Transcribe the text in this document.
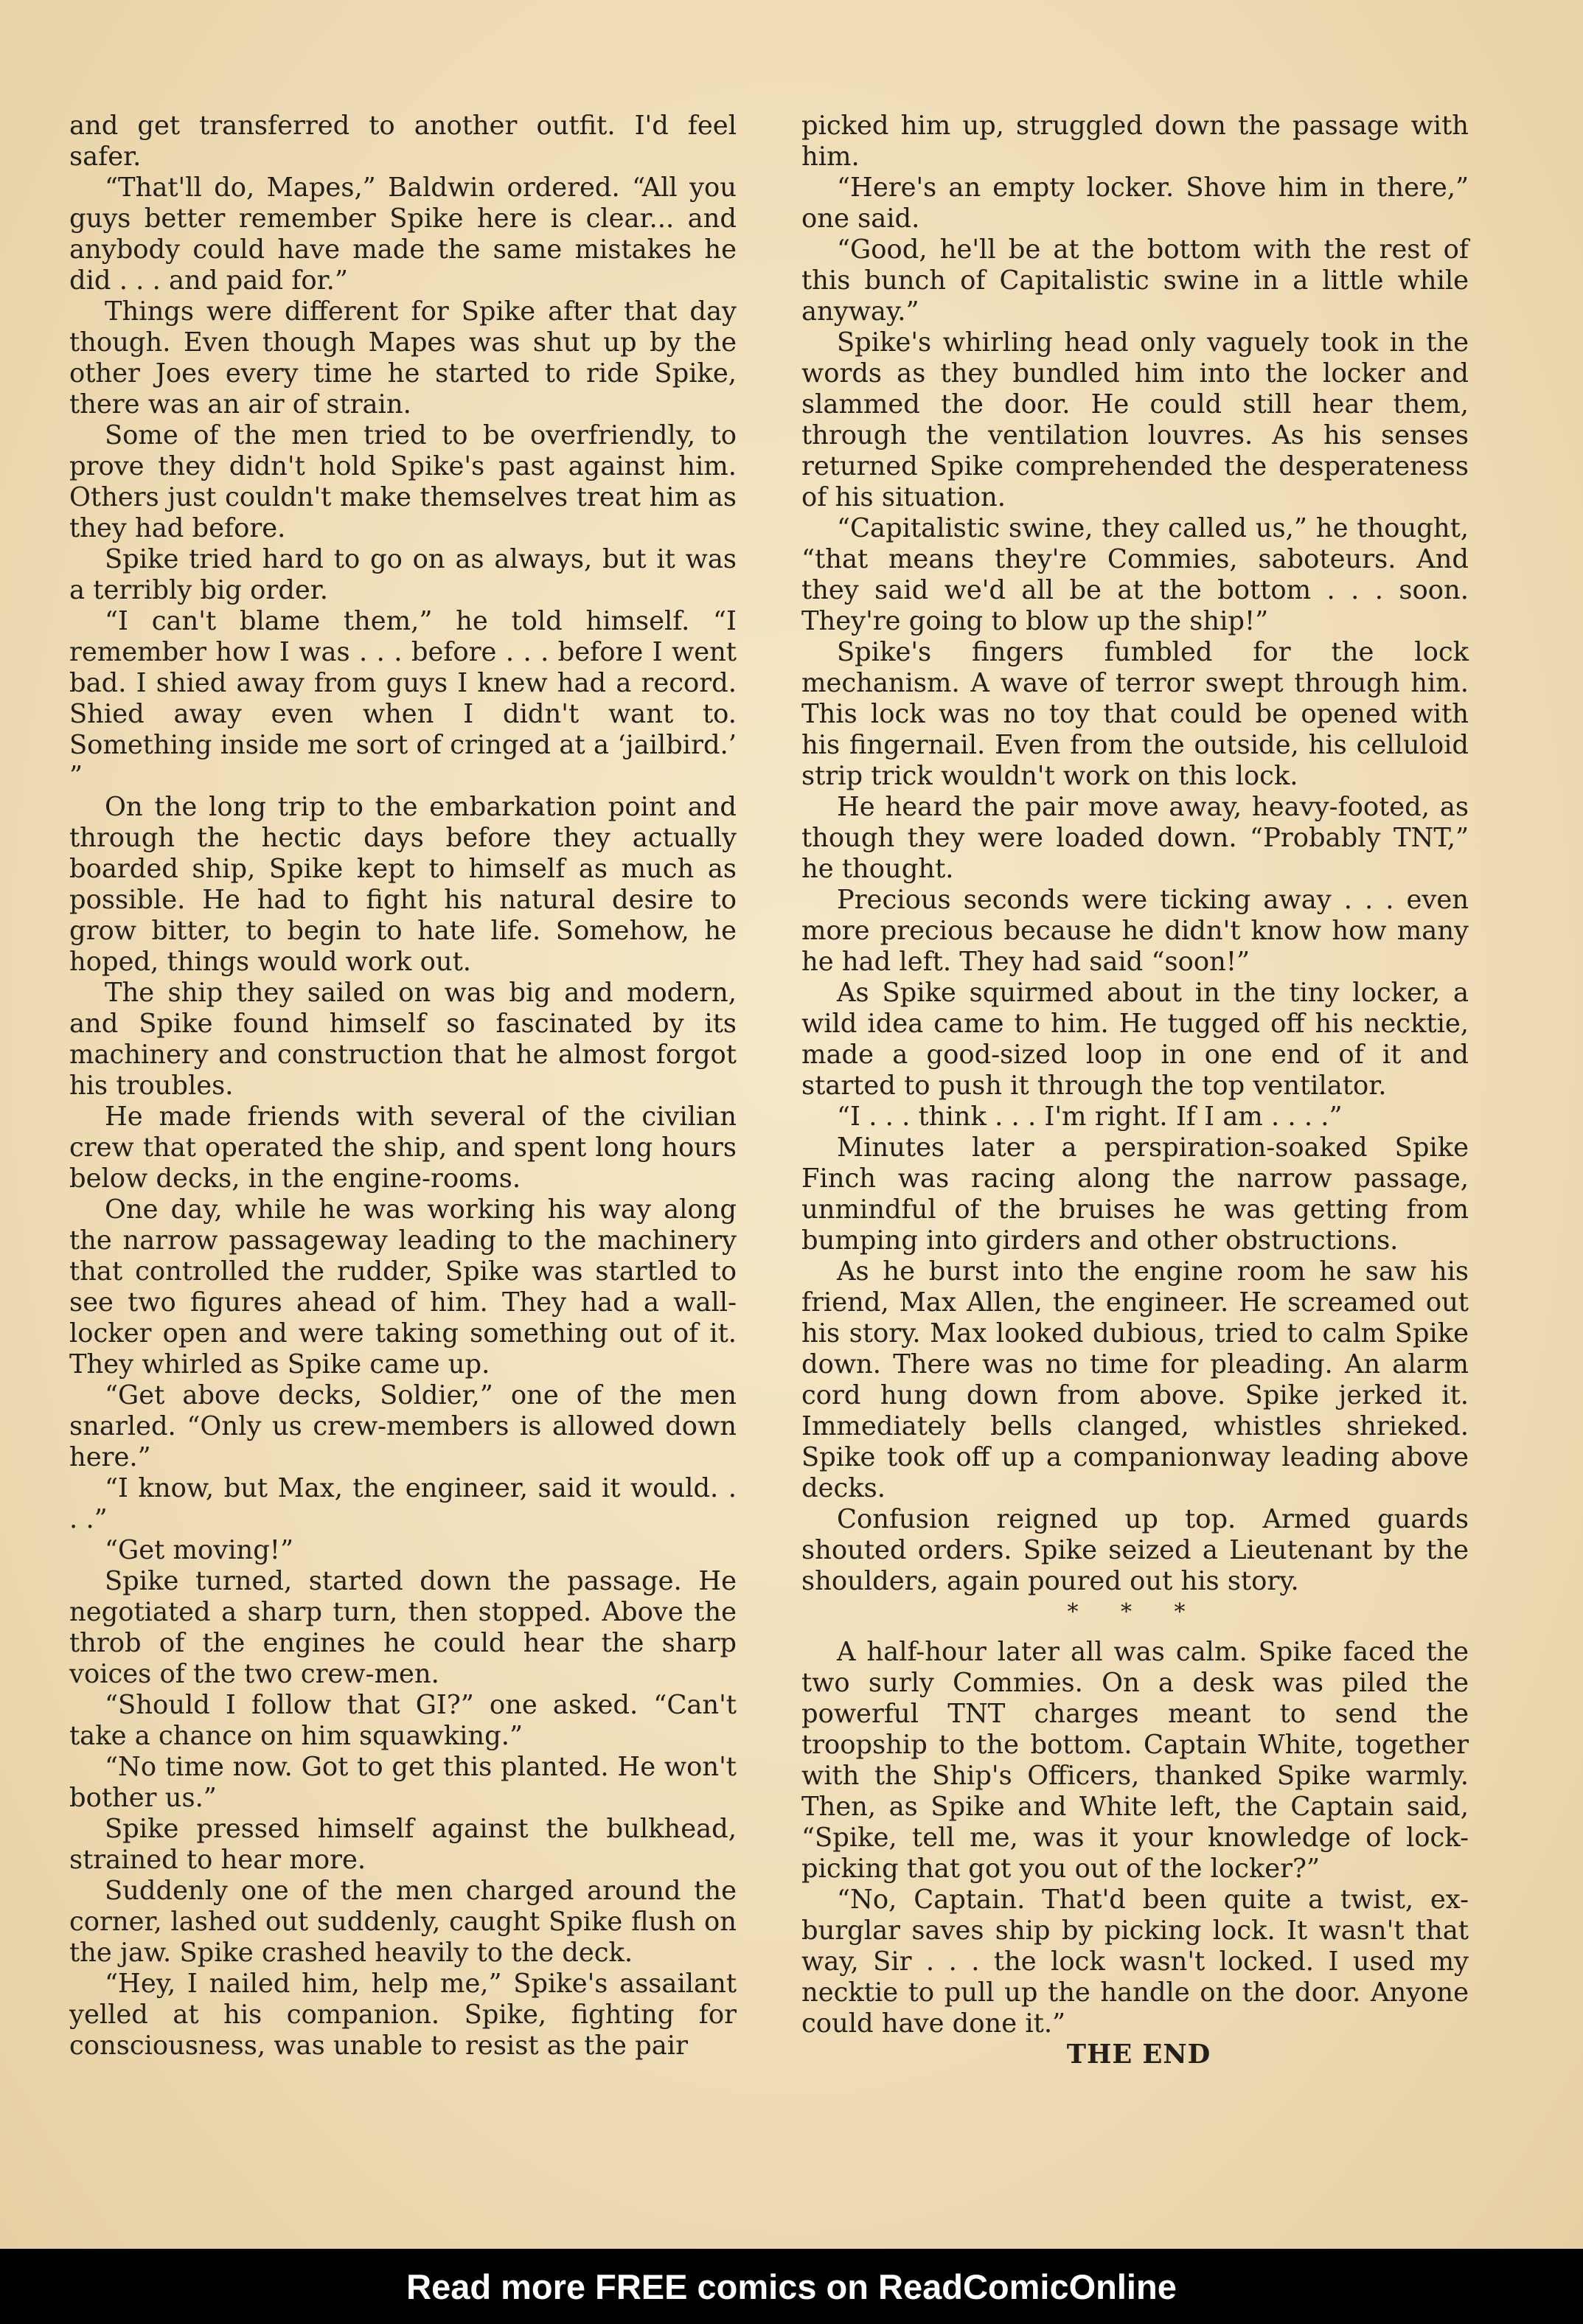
and get transferred to another outfit. I'd feel safer.

“That'll do, Mapes,” Baldwin ordered. “All you guys better remember Spike here is clear... and anybody could have made the same mistakes he did . . . and paid for.”

Things were different for Spike after that day though. Even though Mapes was shut up by the other Joes every time he started to ride Spike, there was an air of strain.

Some of the men tried to be overfriendly, to prove they didn't hold Spike's past against him. Others just couldn't make themselves treat him as they had before.

Spike tried hard to go on as always, but it was a terribly big order.

“I can't blame them,” he told himself. “I remember how I was . . . before . . . before I went bad. I shied away from guys I knew had a record. Shied away even when I didn't want to. Something inside me sort of cringed at a ‘jailbird.’ ”

On the long trip to the embarkation point and through the hectic days before they actually boarded ship, Spike kept to himself as much as possible. He had to fight his natural desire to grow bitter, to begin to hate life. Somehow, he hoped, things would work out.

The ship they sailed on was big and modern, and Spike found himself so fascinated by its machinery and construction that he almost forgot his troubles.

He made friends with several of the civilian crew that operated the ship, and spent long hours below decks, in the engine-rooms.

One day, while he was working his way along the narrow passageway leading to the machinery that controlled the rudder, Spike was startled to see two figures ahead of him. They had a wall-locker open and were taking something out of it. They whirled as Spike came up.

“Get above decks, Soldier,” one of the men snarled. “Only us crew-members is allowed down here.”

“I know, but Max, the engineer, said it would. . . .”

“Get moving!”

Spike turned, started down the passage. He negotiated a sharp turn, then stopped. Above the throb of the engines he could hear the sharp voices of the two crew-men.

“Should I follow that GI?” one asked. “Can't take a chance on him squawking.”

“No time now. Got to get this planted. He won't bother us.”

Spike pressed himself against the bulkhead, strained to hear more.

Suddenly one of the men charged around the corner, lashed out suddenly, caught Spike flush on the jaw. Spike crashed heavily to the deck.

“Hey, I nailed him, help me,” Spike's assailant yelled at his companion. Spike, fighting for consciousness, was unable to resist as the pair

picked him up, struggled down the passage with him.

“Here's an empty locker. Shove him in there,” one said.

“Good, he'll be at the bottom with the rest of this bunch of Capitalistic swine in a little while anyway.”

Spike's whirling head only vaguely took in the words as they bundled him into the locker and slammed the door. He could still hear them, through the ventilation louvres. As his senses returned Spike comprehended the desperateness of his situation.

“Capitalistic swine, they called us,” he thought, “that means they're Commies, saboteurs. And they said we'd all be at the bottom . . . soon. They're going to blow up the ship!”

Spike's fingers fumbled for the lock mechanism. A wave of terror swept through him. This lock was no toy that could be opened with his fingernail. Even from the outside, his celluloid strip trick wouldn't work on this lock.

He heard the pair move away, heavy-footed, as though they were loaded down. “Probably TNT,” he thought.

Precious seconds were ticking away . . . even more precious because he didn't know how many he had left. They had said “soon!”

As Spike squirmed about in the tiny locker, a wild idea came to him. He tugged off his necktie, made a good-sized loop in one end of it and started to push it through the top ventilator.

“I . . . think . . . I'm right. If I am . . . .”

Minutes later a perspiration-soaked Spike Finch was racing along the narrow passage, unmindful of the bruises he was getting from bumping into girders and other obstructions.

As he burst into the engine room he saw his friend, Max Allen, the engineer. He screamed out his story. Max looked dubious, tried to calm Spike down. There was no time for pleading. An alarm cord hung down from above. Spike jerked it. Immediately bells clanged, whistles shrieked. Spike took off up a companionway leading above decks.

Confusion reigned up top. Armed guards shouted orders. Spike seized a Lieutenant by the shoulders, again poured out his story.

* * *

A half-hour later all was calm. Spike faced the two surly Commies. On a desk was piled the powerful TNT charges meant to send the troopship to the bottom. Captain White, together with the Ship's Officers, thanked Spike warmly. Then, as Spike and White left, the Captain said, “Spike, tell me, was it your knowledge of lock-picking that got you out of the locker?”

“No, Captain. That'd been quite a twist, ex-burglar saves ship by picking lock. It wasn't that way, Sir . . . the lock wasn't locked. I used my necktie to pull up the handle on the door. Anyone could have done it.”

THE END

Read more FREE comics on ReadComicOnline
